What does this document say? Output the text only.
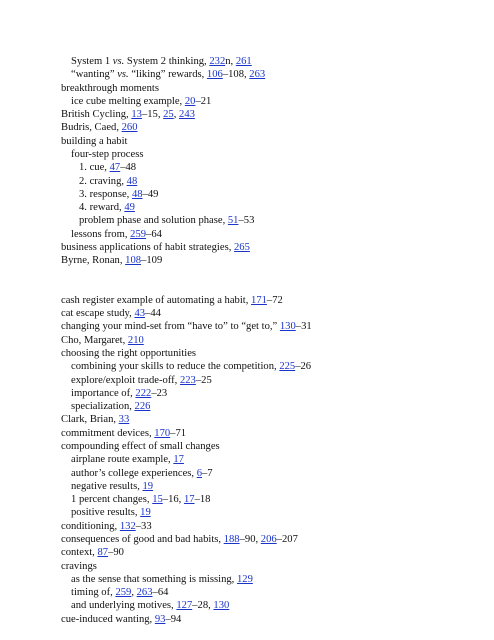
System 1 vs. System 2 thinking, 232n, 261
“wanting” vs. “liking” rewards, 106–108, 263
breakthrough moments
ice cube melting example, 20–21
British Cycling, 13–15, 25, 243
Budris, Caed, 260
building a habit
four-step process
1. cue, 47–48
2. craving, 48
3. response, 48–49
4. reward, 49
problem phase and solution phase, 51–53
lessons from, 259–64
business applications of habit strategies, 265
Byrne, Ronan, 108–109
cash register example of automating a habit, 171–72
cat escape study, 43–44
changing your mind-set from “have to” to “get to,” 130–31
Cho, Margaret, 210
choosing the right opportunities
combining your skills to reduce the competition, 225–26
explore/exploit trade-off, 223–25
importance of, 222–23
specialization, 226
Clark, Brian, 33
commitment devices, 170–71
compounding effect of small changes
airplane route example, 17
author’s college experiences, 6–7
negative results, 19
1 percent changes, 15–16, 17–18
positive results, 19
conditioning, 132–33
consequences of good and bad habits, 188–90, 206–207
context, 87–90
cravings
as the sense that something is missing, 129
timing of, 259, 263–64
and underlying motives, 127–28, 130
cue-induced wanting, 93–94
